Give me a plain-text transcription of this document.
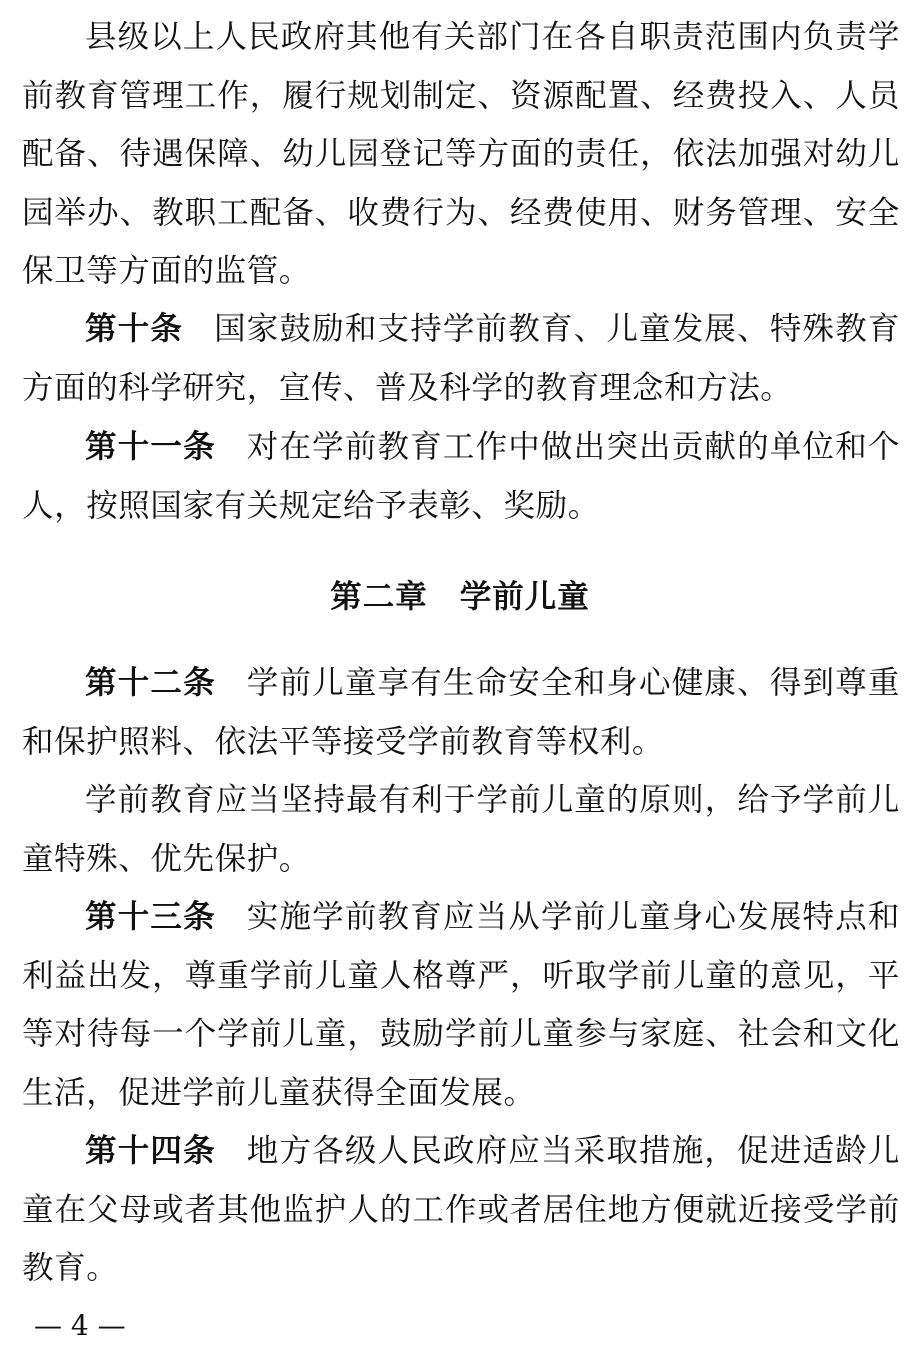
县级以上人民政府其他有关部门在各自职责范围内负责学前教育管理工作，履行规划制定、资源配置、经费投入、人员配备、待遇保障、幼儿园登记等方面的责任，依法加强对幼儿园举办、教职工配备、收费行为、经费使用、财务管理、安全保卫等方面的监管。

第十条 国家鼓励和支持学前教育、儿童发展、特殊教育方面的科学研究，宣传、普及科学的教育理念和方法。

第十一条 对在学前教育工作中做出突出贡献的单位和个人，按照国家有关规定给予表彰、奖励。

第二章 学前儿童

第十二条 学前儿童享有生命安全和身心健康、得到尊重和保护照料、依法平等接受学前教育等权利。

学前教育应当坚持最有利于学前儿童的原则，给予学前儿童特殊、优先保护。

第十三条 实施学前教育应当从学前儿童身心发展特点和利益出发，尊重学前儿童人格尊严，听取学前儿童的意见，平等对待每一个学前儿童，鼓励学前儿童参与家庭、社会和文化生活，促进学前儿童获得全面发展。

第十四条 地方各级人民政府应当采取措施，促进适龄儿童在父母或者其他监护人的工作或者居住地方便就近接受学前教育。

— 4 —
